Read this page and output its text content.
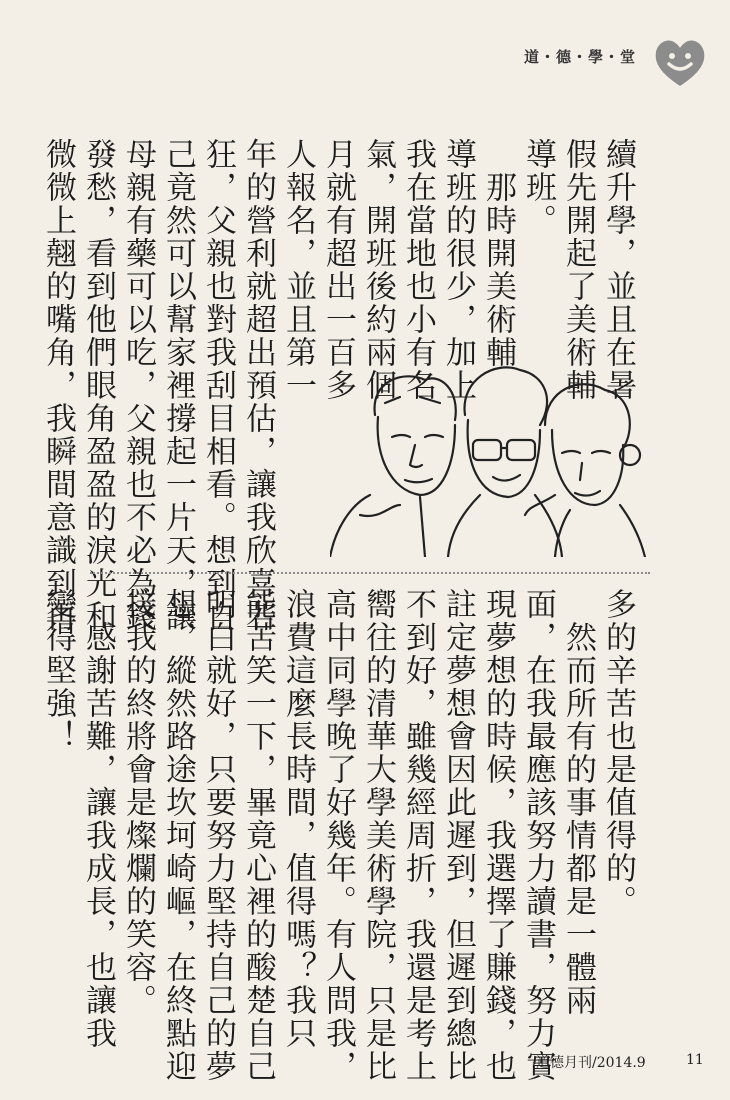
道・德・學・堂
續升學，並且在暑
假先開起了美術輔
導班。
　那時開美術輔
導班的很少，加上
我在當地也小有名
氣，開班後約兩個
月就有超出一百多
人報名，並且第一
年的營利就超出預估，讓我欣喜若
狂，父親也對我刮目相看。想到自
己竟然可以幫家裡撐起一片天，讓
母親有藥可以吃，父親也不必為錢
發愁，看到他們眼角盈盈的淚光和
微微上翹的嘴角，我瞬間意識到再
多的辛苦也是值得的。
　然而所有的事情都是一體兩
面，在我最應該努力讀書，努力實
現夢想的時候，我選擇了賺錢，也
註定夢想會因此遲到，但遲到總比
不到好，雖幾經周折，我還是考上
嚮往的清華大學美術學院，只是比
高中同學晚了好幾年。有人問我，
浪費這麼長時間，值得嗎？我只
能苦笑一下，畢竟心裡的酸楚自己
明白就好，只要努力堅持自己的夢
想，縱然路途坎坷崎嶇，在終點迎
接我的終將會是燦爛的笑容。
　感謝苦難，讓我成長，也讓我
變得堅強！
道德月刊/2014.9	11
